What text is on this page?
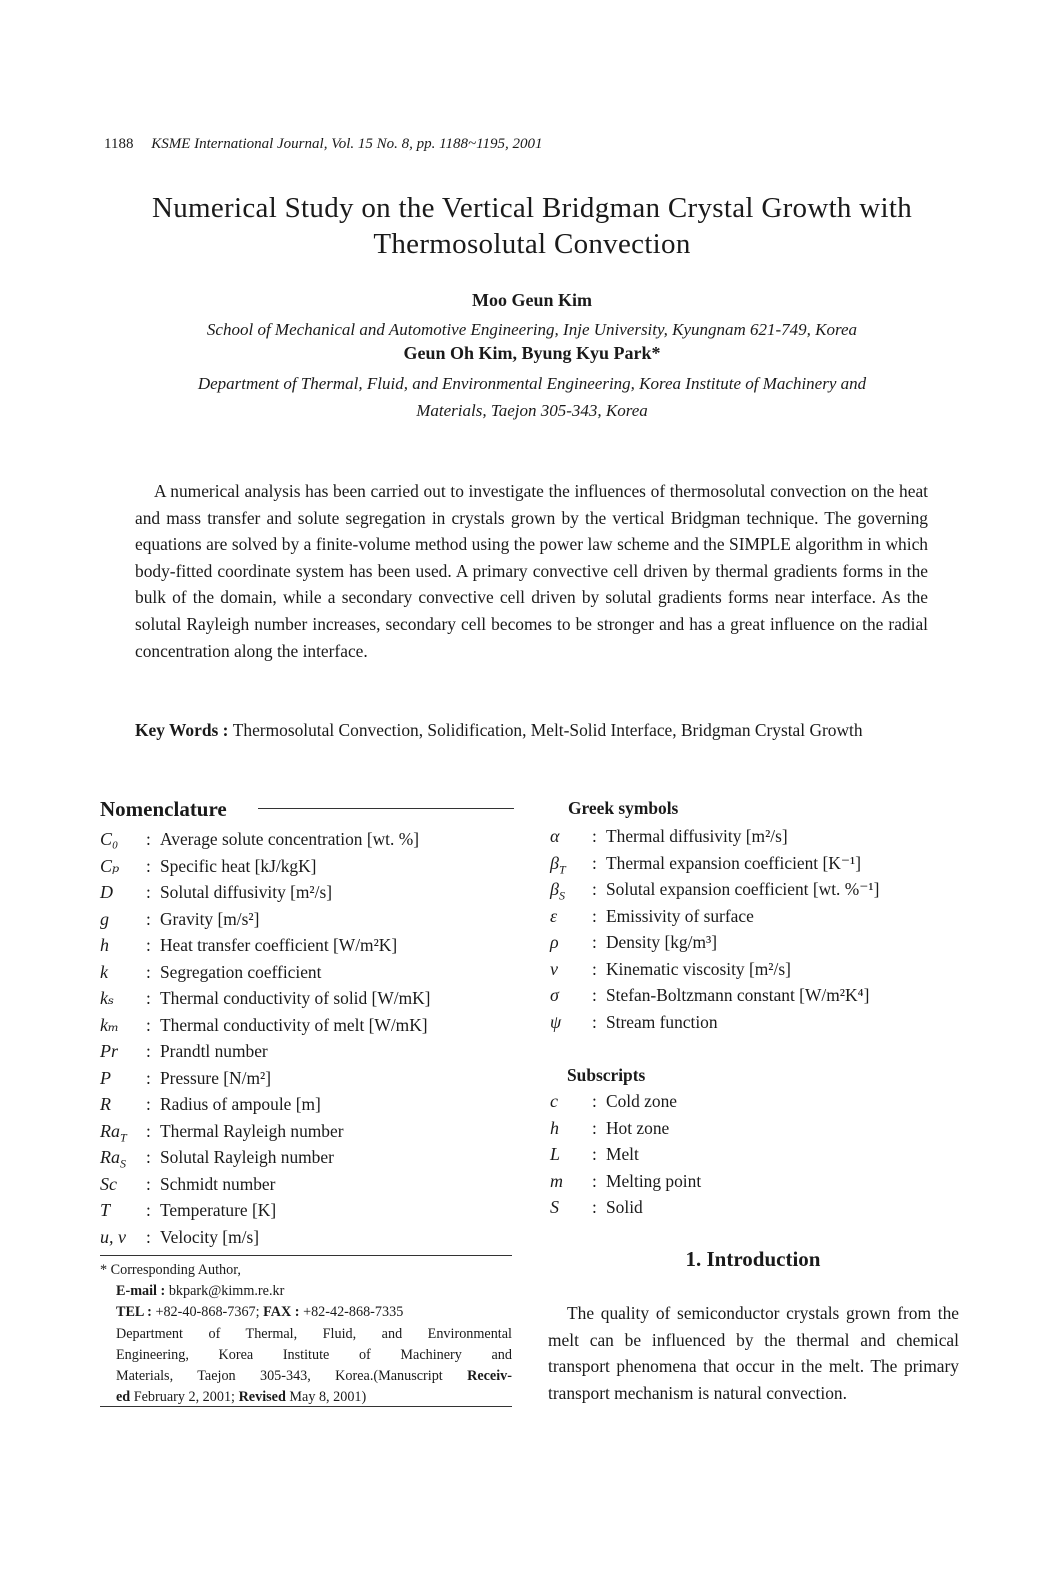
1188 KSME International Journal, Vol. 15 No. 8, pp. 1188~1195, 2001
Numerical Study on the Vertical Bridgman Crystal Growth with
Thermosolutal Convection
Moo Geun Kim
School of Mechanical and Automotive Engineering, Inje University, Kyungnam 621-749, Korea
Geun Oh Kim, Byung Kyu Park*
Department of Thermal, Fluid, and Environmental Engineering, Korea Institute of Machinery and
Materials, Taejon 305-343, Korea
A numerical analysis has been carried out to investigate the influences of thermosolutal convection on the heat and mass transfer and solute segregation in crystals grown by the vertical Bridgman technique. The governing equations are solved by a finite-volume method using the power law scheme and the SIMPLE algorithm in which body-fitted coordinate system has been used. A primary convective cell driven by thermal gradients forms in the bulk of the domain, while a secondary convective cell driven by solutal gradients forms near interface. As the solutal Rayleigh number increases, secondary cell becomes to be stronger and has a great influence on the radial concentration along the interface.
Key Words : Thermosolutal Convection, Solidification, Melt-Solid Interface, Bridgman Crystal Growth
Nomenclature
C₀ : Average solute concentration [wt. %]
Cₚ : Specific heat [kJ/kgK]
D : Solutal diffusivity [m²/s]
g : Gravity [m/s²]
h : Heat transfer coefficient [W/m²K]
k : Segregation coefficient
kₛ : Thermal conductivity of solid [W/mK]
kₘ : Thermal conductivity of melt [W/mK]
Pr : Prandtl number
P : Pressure [N/m²]
R : Radius of ampoule [m]
$Ra_T$ : Thermal Rayleigh number
$Ra_S$ : Solutal Rayleigh number
Sc : Schmidt number
T : Temperature [K]
u, v : Velocity [m/s]
Greek symbols
α : Thermal diffusivity [m²/s]
$\beta_T$ : Thermal expansion coefficient [K⁻¹]
$\beta_S$ : Solutal expansion coefficient [wt. %⁻¹]
ε : Emissivity of surface
ρ : Density [kg/m³]
ν : Kinematic viscosity [m²/s]
σ : Stefan-Boltzmann constant [W/m²K⁴]
ψ : Stream function
Subscripts
c : Cold zone
h : Hot zone
L : Melt
m : Melting point
S : Solid
* Corresponding Author,
E-mail : bkpark@kimm.re.kr
TEL : +82-40-868-7367; FAX : +82-42-868-7335
Department of Thermal, Fluid, and Environmental
Engineering, Korea Institute of Machinery and
Materials, Taejon 305-343, Korea.(Manuscript Receiv-
ed February 2, 2001; Revised May 8, 2001)
1. Introduction
The quality of semiconductor crystals grown from the melt can be influenced by the thermal and chemical transport phenomena that occur in the melt. The primary transport mechanism is natural convection.
